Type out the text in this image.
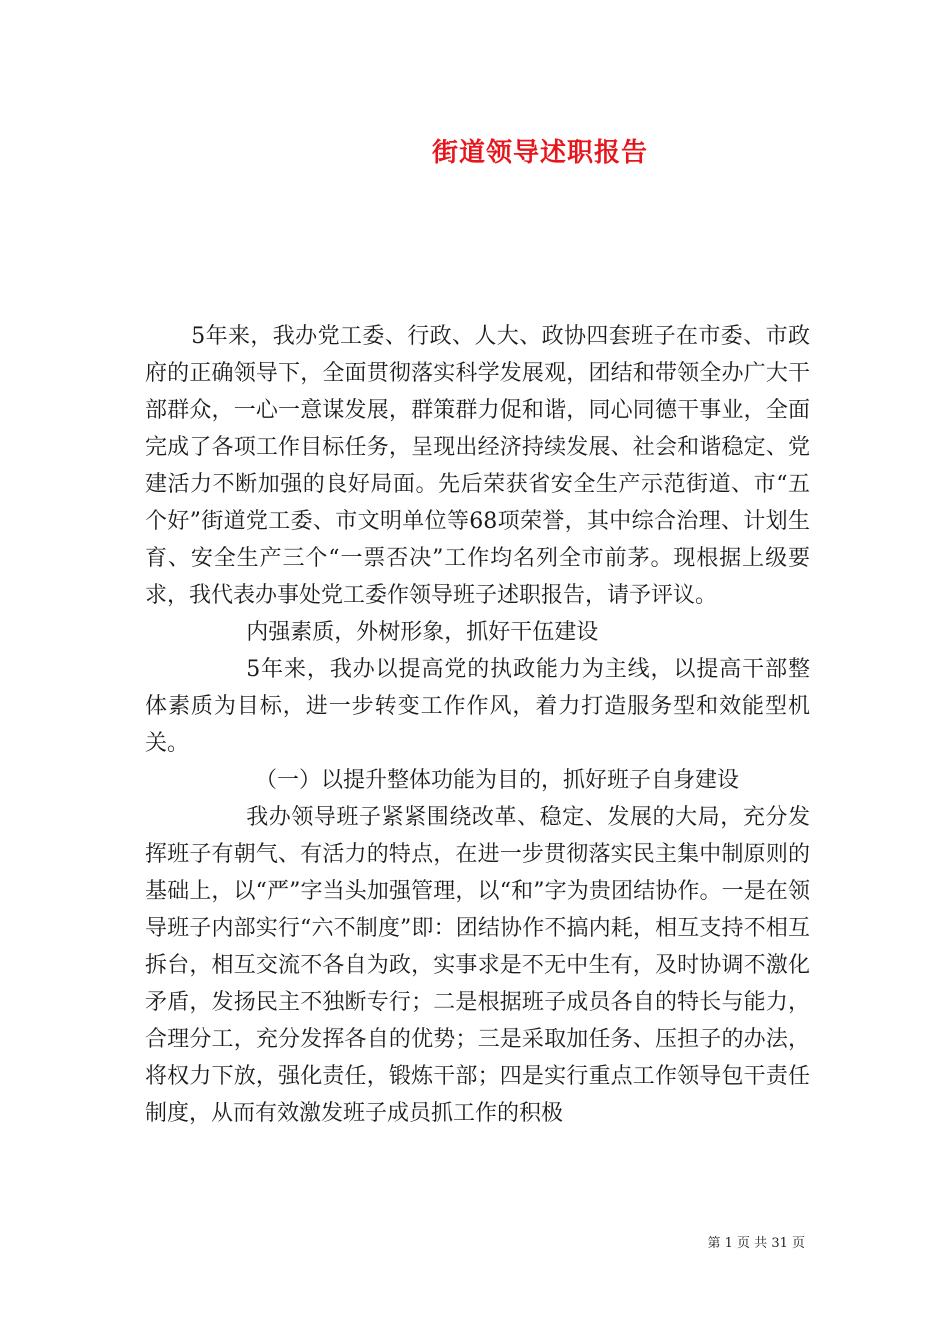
街道领导述职报告

5年来，我办党工委、行政、人大、政协四套班子在市委、市政府的正确领导下，全面贯彻落实科学发展观，团结和带领全办广大干部群众，一心一意谋发展，群策群力促和谐，同心同德干事业，全面完成了各项工作目标任务，呈现出经济持续发展、社会和谐稳定、党建活力不断加强的良好局面。先后荣获省安全生产示范街道、市“五个好”街道党工委、市文明单位等68项荣誉，其中综合治理、计划生育、安全生产三个“一票否决”工作均名列全市前茅。现根据上级要求，我代表办事处党工委作领导班子述职报告，请予评议。

内强素质，外树形象，抓好干伍建设

5年来，我办以提高党的执政能力为主线，以提高干部整体素质为目标，进一步转变工作作风，着力打造服务型和效能型机关。

（一）以提升整体功能为目的，抓好班子自身建设

我办领导班子紧紧围绕改革、稳定、发展的大局，充分发挥班子有朝气、有活力的特点，在进一步贯彻落实民主集中制原则的基础上，以“严”字当头加强管理，以“和”字为贵团结协作。一是在领导班子内部实行“六不制度”即：团结协作不搞内耗，相互支持不相互拆台，相互交流不各自为政，实事求是不无中生有，及时协调不激化矛盾，发扬民主不独断专行；二是根据班子成员各自的特长与能力，合理分工，充分发挥各自的优势；三是采取加任务、压担子的办法，将权力下放，强化责任，锻炼干部；四是实行重点工作领导包干责任制度，从而有效激发班子成员抓工作的积极

第 1 页 共 31 页
